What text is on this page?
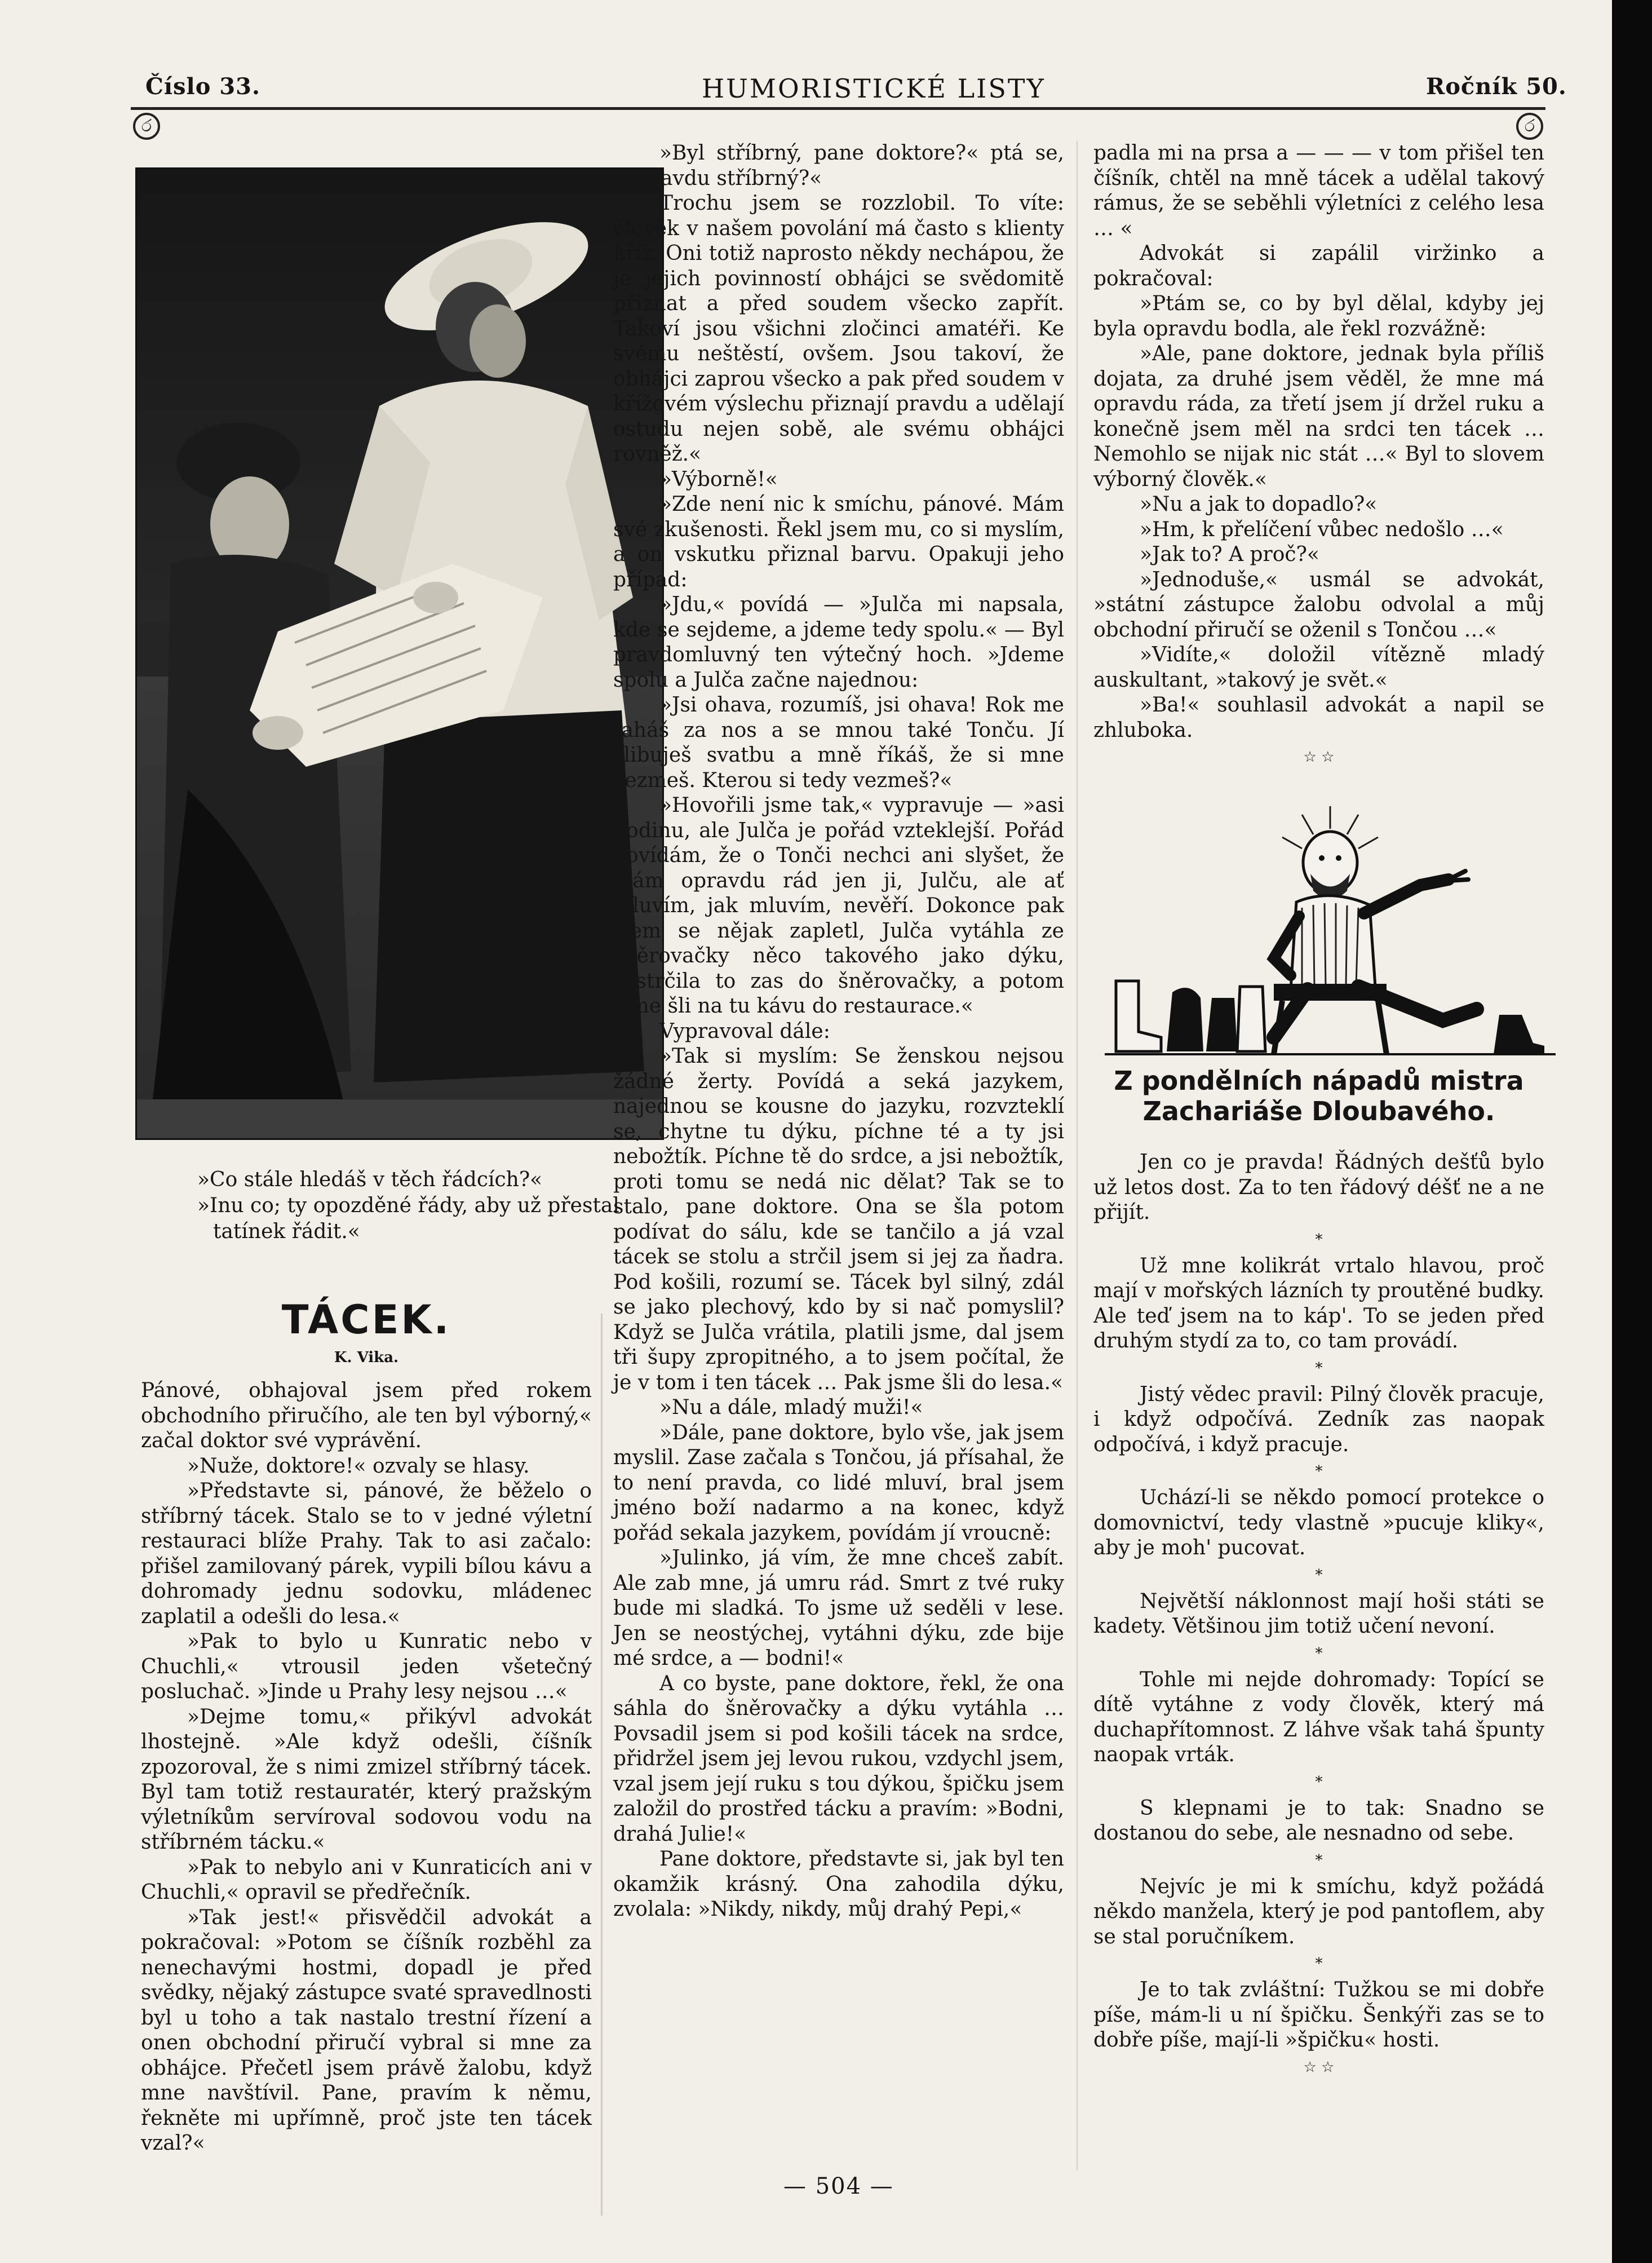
Číslo 33.	HUMORISTICKÉ LISTY	Ročník 50.
ර	ර

»Co stále hledáš v těch řádcích?«

»Inu co; ty opozděné řády, aby už přestal

tatínek řádit.«

TÁCEK.
K. Vika.

Pánové, obhajoval jsem před rokem obchodního přiručího, ale ten byl výborný,« začal doktor své vyprávění.

»Nuže, doktore!« ozvaly se hlasy.

»Představte si, pánové, že běželo o stříbrný tácek. Stalo se to v jedné výletní restauraci blíže Prahy. Tak to asi začalo: přišel zamilovaný párek, vypili bílou kávu a dohromady jednu sodovku, mládenec zaplatil a odešli do lesa.«

»Pak to bylo u Kunratic nebo v Chuchli,« vtrousil jeden všetečný posluchač. »Jinde u Prahy lesy nejsou …«

»Dejme tomu,« přikývl advokát lhostejně. »Ale když odešli, číšník zpozoroval, že s nimi zmizel stříbrný tácek. Byl tam totiž restauratér, který pražským výletníkům servíroval sodovou vodu na stříbrném tácku.«

»Pak to nebylo ani v Kunraticích ani v Chuchli,« opravil se předřečník.

»Tak jest!« přisvědčil advokát a pokračoval: »Potom se číšník rozběhl za nenechavými hostmi, dopadl je před svědky, nějaký zástupce svaté spravedlnosti byl u toho a tak nastalo trestní řízení a onen obchodní přiručí vybral si mne za obhájce. Přečetl jsem právě žalobu, když mne navštívil. Pane, pravím k němu, řekněte mi upřímně, proč jste ten tácek vzal?«

»Byl stříbrný, pane doktore?« ptá se, »opravdu stříbrný?«

Trochu jsem se rozzlobil. To víte: člověk v našem povolání má často s klienty kříž. Oni totiž naprosto někdy nechápou, že je jejich povinností obhájci se svědomitě přiznat a před soudem všecko zapřít. Takoví jsou všichni zločinci amatéři. Ke svému neštěstí, ovšem. Jsou takoví, že obhájci zaprou všecko a pak před soudem v křížovém výslechu přiznají pravdu a udělají ostudu nejen sobě, ale svému obhájci rovněž.«

»Výborně!«

»Zde není nic k smíchu, pánové. Mám své zkušenosti. Řekl jsem mu, co si myslím, a on vskutku přiznal barvu. Opakuji jeho případ:

»Jdu,« povídá — »Julča mi napsala, kde se sejdeme, a jdeme tedy spolu.« — Byl pravdomluvný ten výtečný hoch. »Jdeme spolu a Julča začne najednou:

»Jsi ohava, rozumíš, jsi ohava! Rok me taháš za nos a se mnou také Tonču. Jí slibuješ svatbu a mně říkáš, že si mne vezmeš. Kterou si tedy vezmeš?«

»Hovořili jsme tak,« vypravuje — »asi hodinu, ale Julča je pořád vzteklejší. Pořád povídám, že o Tonči nechci ani slyšet, že mám opravdu rád jen ji, Julču, ale ať mluvím, jak mluvím, nevěří. Dokonce pak jsem se nějak zapletl, Julča vytáhla ze šněrovačky něco takového jako dýku, zastrčila to zas do šněrovačky, a potom jsme šli na tu kávu do restaurace.«

Vypravoval dále:

»Tak si myslím: Se ženskou nejsou žádné žerty. Povídá a seká jazykem, najednou se kousne do jazyku, rozvzteklí se, chytne tu dýku, píchne té a ty jsi nebožtík. Píchne tě do srdce, a jsi nebožtík, proti tomu se nedá nic dělat? Tak se to stalo, pane doktore. Ona se šla potom podívat do sálu, kde se tančilo a já vzal tácek se stolu a strčil jsem si jej za ňadra. Pod košili, rozumí se. Tácek byl silný, zdál se jako plechový, kdo by si nač pomyslil? Když se Julča vrátila, platili jsme, dal jsem tři šupy zpropitného, a to jsem počítal, že je v tom i ten tácek … Pak jsme šli do lesa.«

»Nu a dále, mladý muži!«

»Dále, pane doktore, bylo vše, jak jsem myslil. Zase začala s Tončou, já přísahal, že to není pravda, co lidé mluví, bral jsem jméno boží nadarmo a na konec, když pořád sekala jazykem, povídám jí vroucně:

»Julinko, já vím, že mne chceš zabít. Ale zab mne, já umru rád. Smrt z tvé ruky bude mi sladká. To jsme už seděli v lese. Jen se neostýchej, vytáhni dýku, zde bije mé srdce, a — bodni!«

A co byste, pane doktore, řekl, že ona sáhla do šněrovačky a dýku vytáhla … Povsadil jsem si pod košili tácek na srdce, přidržel jsem jej levou rukou, vzdychl jsem, vzal jsem její ruku s tou dýkou, špičku jsem založil do prostřed tácku a pravím: »Bodni, drahá Julie!«

Pane doktore, představte si, jak byl ten okamžik krásný. Ona zahodila dýku, zvolala: »Nikdy, nikdy, můj drahý Pepi,«

padla mi na prsa a — — — v tom přišel ten číšník, chtěl na mně tácek a udělal takový rámus, že se seběhli výletníci z celého lesa … «

Advokát si zapálil viržinko a pokračoval:

»Ptám se, co by byl dělal, kdyby jej byla opravdu bodla, ale řekl rozvážně:

»Ale, pane doktore, jednak byla příliš dojata, za druhé jsem věděl, že mne má opravdu ráda, za třetí jsem jí držel ruku a konečně jsem měl na srdci ten tácek … Nemohlo se nijak nic stát …« Byl to slovem výborný člověk.«

»Nu a jak to dopadlo?«

»Hm, k přelíčení vůbec nedošlo …«

»Jak to? A proč?«

»Jednoduše,« usmál se advokát, »státní zástupce žalobu odvolal a můj obchodní přiručí se oženil s Tončou …«

»Vidíte,« doložil vítězně mladý auskultant, »takový je svět.«

»Ba!« souhlasil advokát a napil se zhluboka.

☆ ☆

Z pondělních nápadů mistra Zachariáše Dloubavého.

Jen co je pravda! Řádných dešťů bylo už letos dost. Za to ten řádový déšť ne a ne přijít.

*

Už mne kolikrát vrtalo hlavou, proč mají v mořských lázních ty proutěné budky. Ale teď jsem na to káp'. To se jeden před druhým stydí za to, co tam provádí.

*

Jistý vědec pravil: Pilný člověk pracuje, i když odpočívá. Zedník zas naopak odpočívá, i když pracuje.

*

Uchází-li se někdo pomocí protekce o domovnictví, tedy vlastně »pucuje kliky«, aby je moh' pucovat.

*

Největší náklonnost mají hoši státi se kadety. Většinou jim totiž učení nevoní.

*

Tohle mi nejde dohromady: Topící se dítě vytáhne z vody člověk, který má duchapřítomnost. Z láhve však tahá špunty naopak vrták.

*

S klepnami je to tak: Snadno se dostanou do sebe, ale nesnadno od sebe.

*

Nejvíc je mi k smíchu, když požádá někdo manžela, který je pod pantoflem, aby se stal poručníkem.

*

Je to tak zvláštní: Tužkou se mi dobře píše, mám-li u ní špičku. Šenkýři zas se to dobře píše, mají-li »špičku« hosti.

☆ ☆

— 504 —
